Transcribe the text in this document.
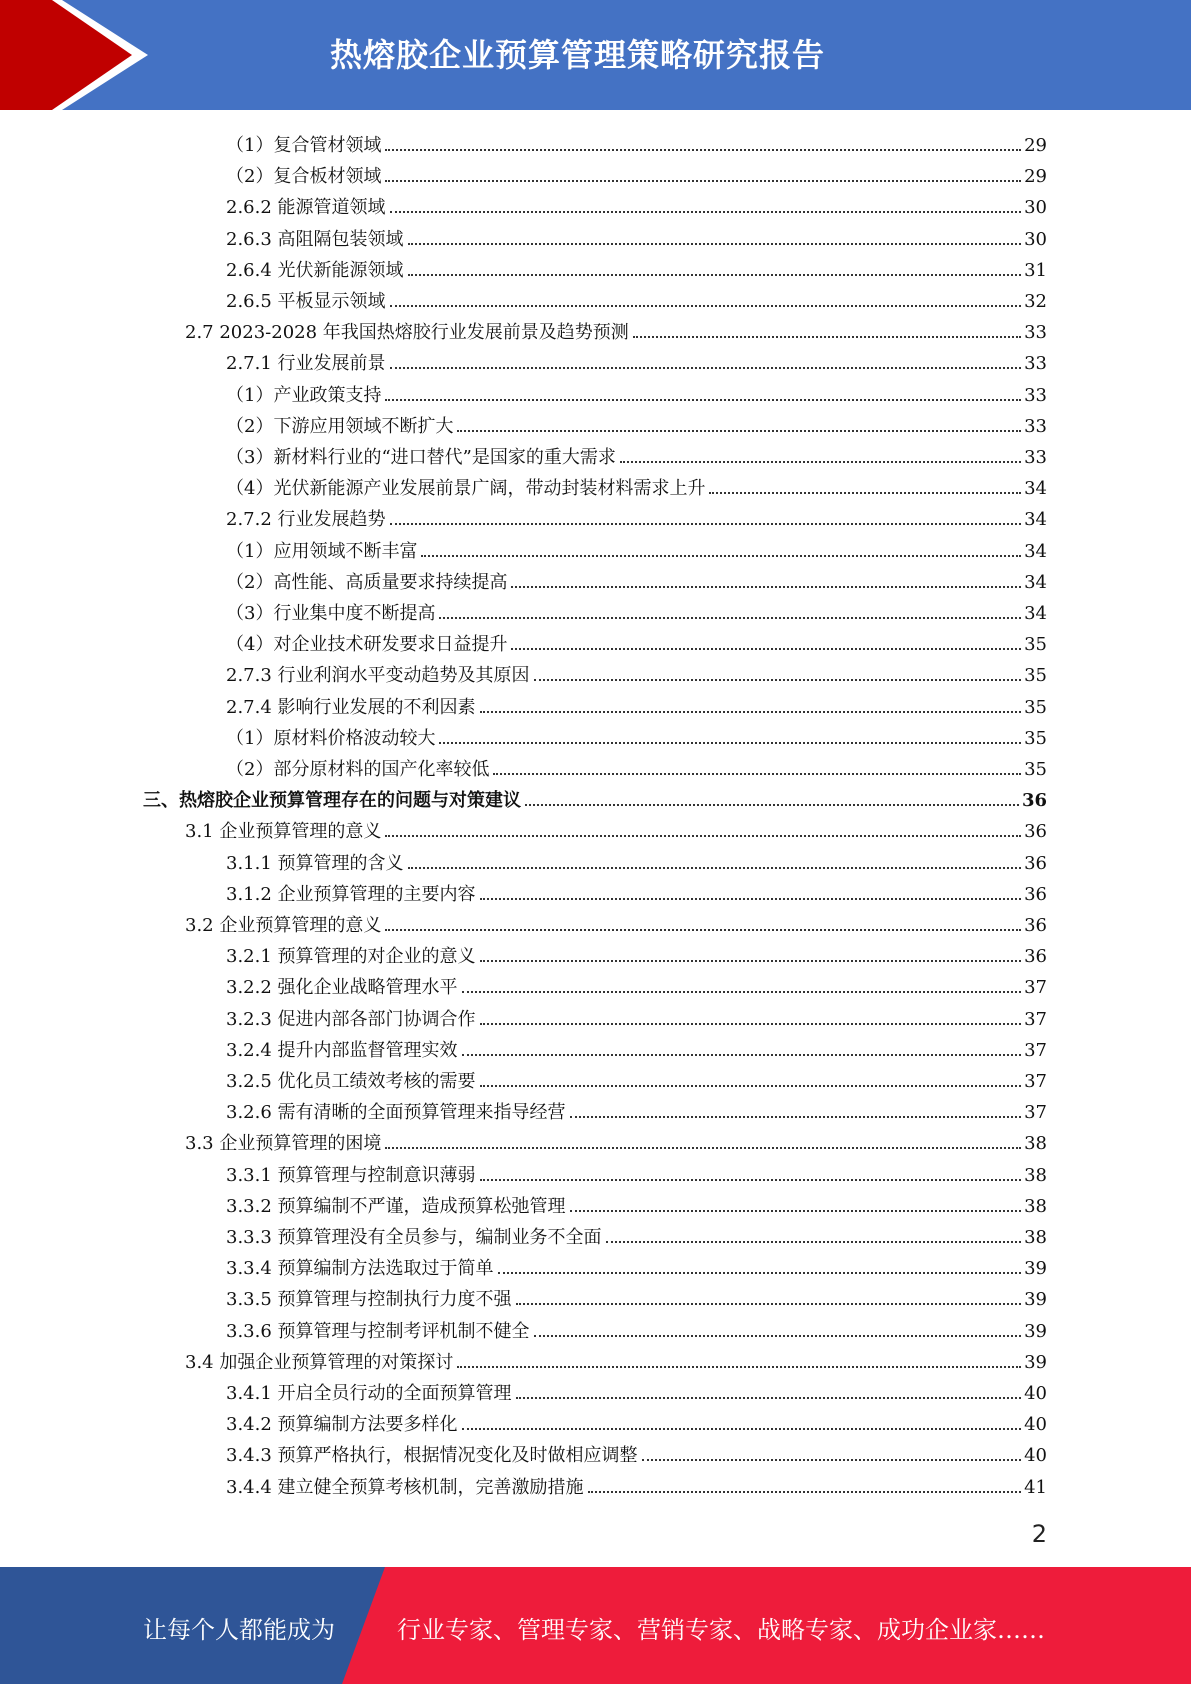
热熔胶企业预算管理策略研究报告
（1）复合管材领域	29
（2）复合板材领域	29
2.6.2 能源管道领域	30
2.6.3 高阻隔包装领域	30
2.6.4 光伏新能源领域	31
2.6.5 平板显示领域	32
2.7 2023-2028 年我国热熔胶行业发展前景及趋势预测	33
2.7.1 行业发展前景	33
（1）产业政策支持	33
（2）下游应用领域不断扩大	33
（3）新材料行业的“进口替代”是国家的重大需求	33
（4）光伏新能源产业发展前景广阔，带动封装材料需求上升	34
2.7.2 行业发展趋势	34
（1）应用领域不断丰富	34
（2）高性能、高质量要求持续提高	34
（3）行业集中度不断提高	34
（4）对企业技术研发要求日益提升	35
2.7.3 行业利润水平变动趋势及其原因	35
2.7.4 影响行业发展的不利因素	35
（1）原材料价格波动较大	35
（2）部分原材料的国产化率较低	35
三、热熔胶企业预算管理存在的问题与对策建议	36
3.1 企业预算管理的意义	36
3.1.1 预算管理的含义	36
3.1.2 企业预算管理的主要内容	36
3.2 企业预算管理的意义	36
3.2.1 预算管理的对企业的意义	36
3.2.2 强化企业战略管理水平	37
3.2.3 促进内部各部门协调合作	37
3.2.4 提升内部监督管理实效	37
3.2.5 优化员工绩效考核的需要	37
3.2.6 需有清晰的全面预算管理来指导经营	37
3.3 企业预算管理的困境	38
3.3.1 预算管理与控制意识薄弱	38
3.3.2 预算编制不严谨，造成预算松弛管理	38
3.3.3 预算管理没有全员参与，编制业务不全面	38
3.3.4 预算编制方法选取过于简单	39
3.3.5 预算管理与控制执行力度不强	39
3.3.6 预算管理与控制考评机制不健全	39
3.4 加强企业预算管理的对策探讨	39
3.4.1 开启全员行动的全面预算管理	40
3.4.2 预算编制方法要多样化	40
3.4.3 预算严格执行，根据情况变化及时做相应调整	40
3.4.4 建立健全预算考核机制，完善激励措施	41
2
让每个人都能成为	行业专家、管理专家、营销专家、战略专家、成功企业家……
